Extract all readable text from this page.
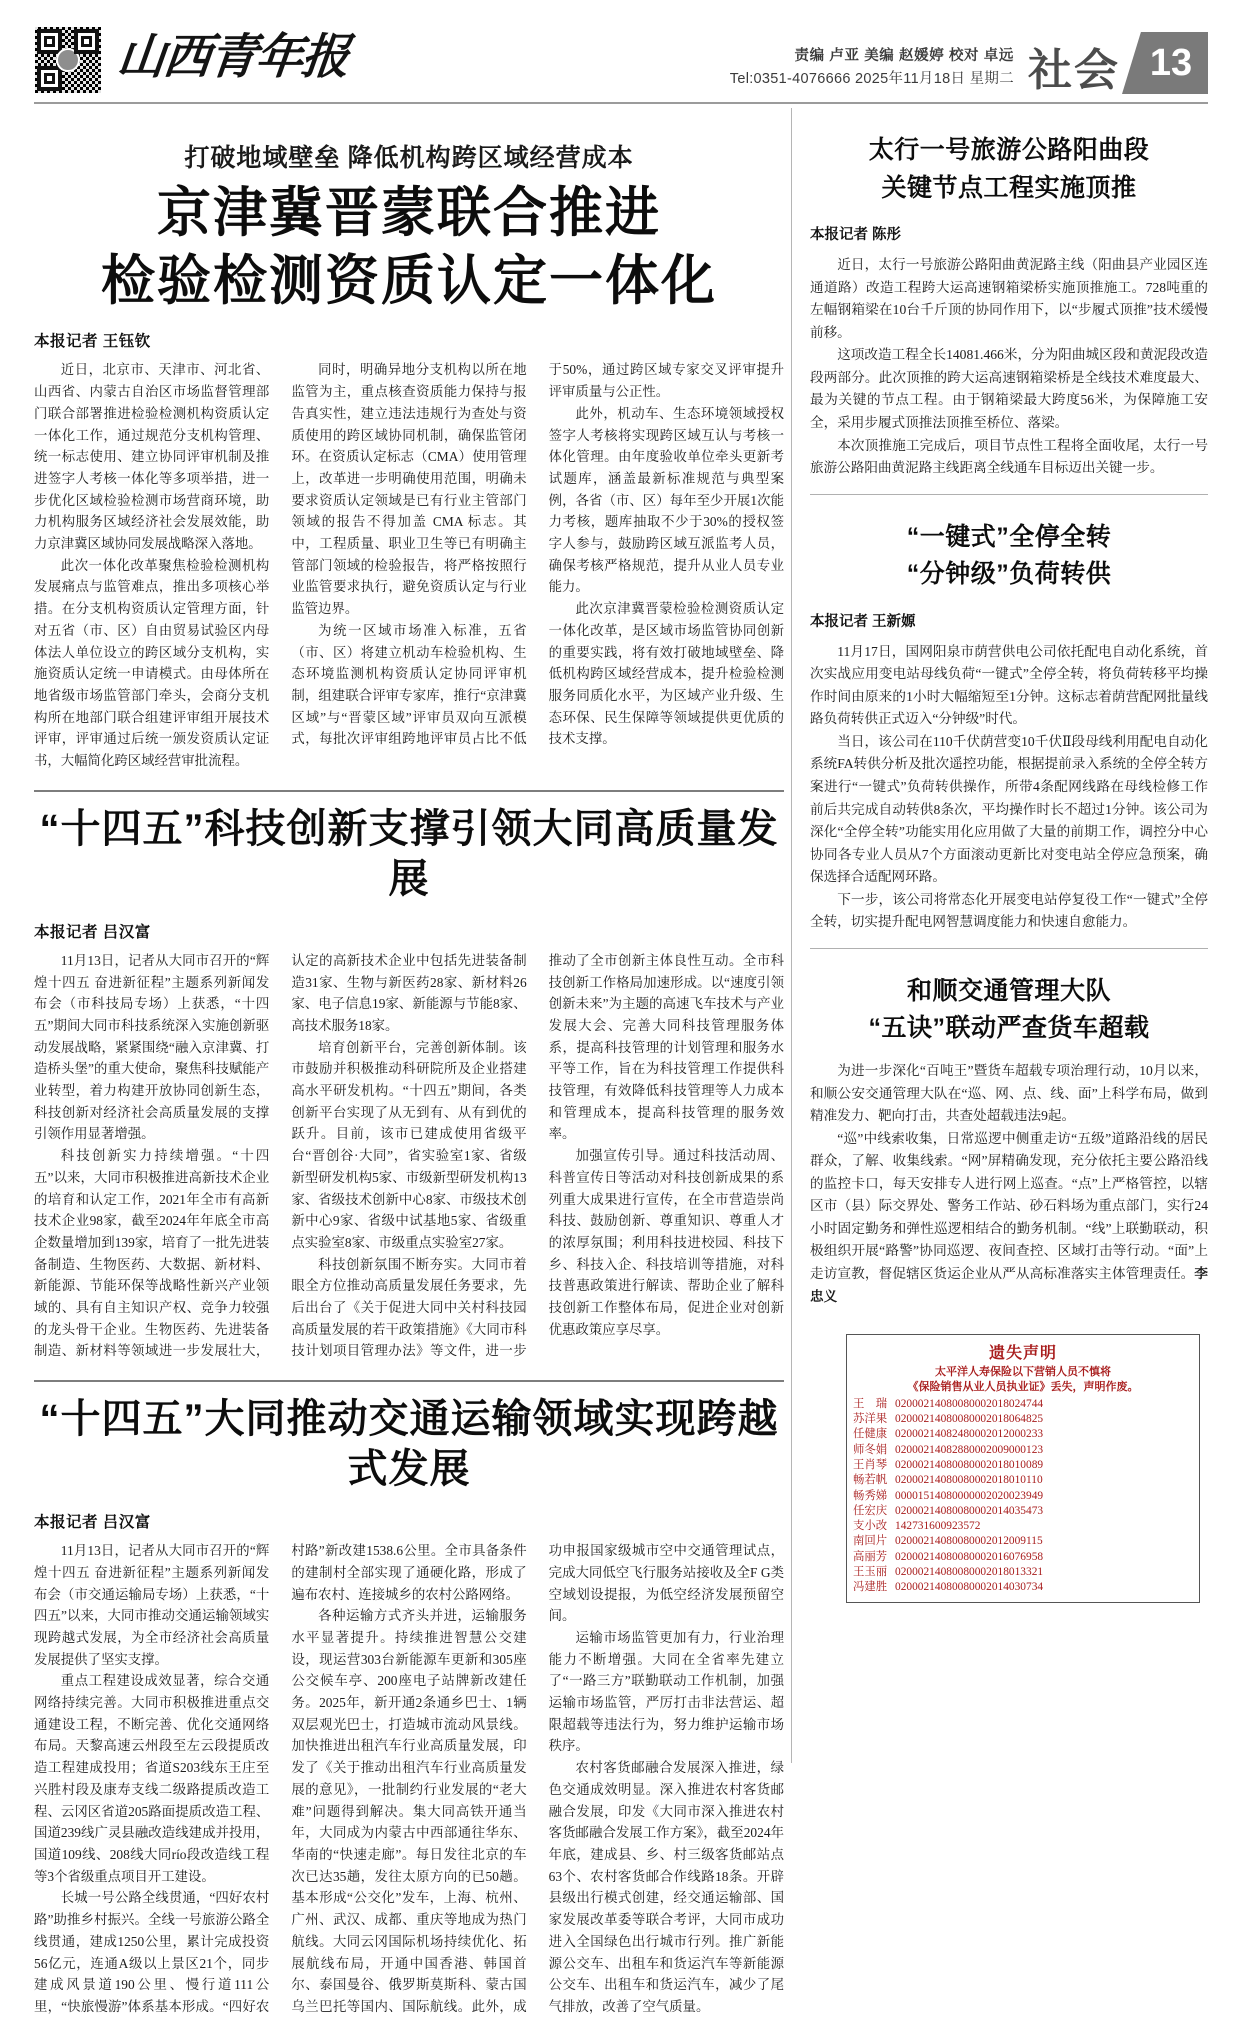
山西青年报	责编 卢亚 美编 赵媛婷 校对 卓远
Tel:0351-4076666 2025年11月18日 星期二 社会 13
打破地域壁垒 降低机构跨区域经营成本
京津冀晋蒙联合推进
检验检测资质认定一体化
本报记者 王钰钦

近日，北京市、天津市、河北省、山西省、内蒙古自治区市场监督管理部门联合部署推进检验检测机构资质认定一体化工作，通过规范分支机构管理、统一标志使用、建立协同评审机制及推进签字人考核一体化等多项举措，进一步优化区域检验检测市场营商环境，助力机构服务区域经济社会发展效能，助力京津冀区域协同发展战略深入落地。

此次一体化改革聚焦检验检测机构发展痛点与监管难点，推出多项核心举措。在分支机构资质认定管理方面，针对五省（市、区）自由贸易试验区内母体法人单位设立的跨区域分支机构，实施资质认定统一申请模式。由母体所在地省级市场监管部门牵头，会商分支机构所在地部门联合组建评审组开展技术评审，评审通过后统一颁发资质认定证书，大幅简化跨区域经营审批流程。

同时，明确异地分支机构以所在地监管为主，重点核查资质能力保持与报告真实性，建立违法违规行为查处与资质使用的跨区域协同机制，确保监管闭环。在资质认定标志（CMA）使用管理上，改革进一步明确使用范围，明确未要求资质认定领域是已有行业主管部门领域的报告不得加盖 CMA 标志。其中，工程质量、职业卫生等已有明确主管部门领域的检验报告，将严格按照行业监管要求执行，避免资质认定与行业监管边界。

为统一区域市场准入标准，五省（市、区）将建立机动车检验机构、生态环境监测机构资质认定协同评审机制，组建联合评审专家库，推行“京津冀区域”与“晋蒙区域”评审员双向互派模式，每批次评审组跨地评审员占比不低于50%，通过跨区域专家交叉评审提升评审质量与公正性。

此外，机动车、生态环境领域授权签字人考核将实现跨区域互认与考核一体化管理。由年度验收单位牵头更新考试题库，涵盖最新标准规范与典型案例，各省（市、区）每年至少开展1次能力考核，题库抽取不少于30%的授权签字人参与，鼓励跨区域互派监考人员，确保考核严格规范，提升从业人员专业能力。

此次京津冀晋蒙检验检测资质认定一体化改革，是区域市场监管协同创新的重要实践，将有效打破地域壁垒、降低机构跨区域经营成本，提升检验检测服务同质化水平，为区域产业升级、生态环保、民生保障等领域提供更优质的技术支撑。

“十四五”科技创新支撑引领大同高质量发展
本报记者 吕汉富

11月13日，记者从大同市召开的“辉煌十四五 奋进新征程”主题系列新闻发布会（市科技局专场）上获悉，“十四五”期间大同市科技系统深入实施创新驱动发展战略，紧紧围绕“融入京津冀、打造桥头堡”的重大使命，聚焦科技赋能产业转型，着力构建开放协同创新生态，科技创新对经济社会高质量发展的支撑引领作用显著增强。

科技创新实力持续增强。“十四五”以来，大同市积极推进高新技术企业的培育和认定工作，2021年全市有高新技术企业98家，截至2024年年底全市高企数量增加到139家，培育了一批先进装备制造、生物医药、大数据、新材料、新能源、节能环保等战略性新兴产业领域的、具有自主知识产权、竞争力较强的龙头骨干企业。生物医药、先进装备制造、新材料等领域进一步发展壮大，认定的高新技术企业中包括先进装备制造31家、生物与新医药28家、新材料26家、电子信息19家、新能源与节能8家、高技术服务18家。

培育创新平台，完善创新体制。该市鼓励并积极推动科研院所及企业搭建高水平研发机构。“十四五”期间，各类创新平台实现了从无到有、从有到优的跃升。目前，该市已建成使用省级平台“晋创谷·大同”，省实验室1家、省级新型研发机构5家、市级新型研发机构13家、省级技术创新中心8家、市级技术创新中心9家、省级中试基地5家、省级重点实验室8家、市级重点实验室27家。

科技创新氛围不断夯实。大同市着眼全方位推动高质量发展任务要求，先后出台了《关于促进大同中关村科技园高质量发展的若干政策措施》《大同市科技计划项目管理办法》等文件，进一步推动了全市创新主体良性互动。全市科技创新工作格局加速形成。以“速度引领 创新未来”为主题的高速飞车技术与产业发展大会、完善大同科技管理服务体系，提高科技管理的计划管理和服务水平等工作，旨在为科技管理工作提供科技管理，有效降低科技管理等人力成本和管理成本，提高科技管理的服务效率。

加强宣传引导。通过科技活动周、科普宣传日等活动对科技创新成果的系列重大成果进行宣传，在全市营造崇尚科技、鼓励创新、尊重知识、尊重人才的浓厚氛围；利用科技进校园、科技下乡、科技入企、科技培训等措施，对科技普惠政策进行解读、帮助企业了解科技创新工作整体布局，促进企业对创新优惠政策应享尽享。

“十四五”大同推动交通运输领域实现跨越式发展
本报记者 吕汉富

11月13日，记者从大同市召开的“辉煌十四五 奋进新征程”主题系列新闻发布会（市交通运输局专场）上获悉，“十四五”以来，大同市推动交通运输领域实现跨越式发展，为全市经济社会高质量发展提供了坚实支撑。

重点工程建设成效显著，综合交通网络持续完善。大同市积极推进重点交通建设工程，不断完善、优化交通网络布局。天黎高速云州段至左云段提质改造工程建成投用；省道S203线东王庄至兴胜村段及康寿支线二级路提质改造工程、云冈区省道205路面提质改造工程、国道239线广灵县融改造线建成并投用，国道109线、208线大同río段改造线工程等3个省级重点项目开工建设。

长城一号公路全线贯通，“四好农村路”助推乡村振兴。全线一号旅游公路全线贯通，建成1250公里，累计完成投资56亿元，连通A级以上景区21个，同步建成风景道190公里、慢行道111公里，“快旅慢游”体系基本形成。“四好农村路”新改建1538.6公里。全市具备条件的建制村全部实现了通硬化路，形成了遍布农村、连接城乡的农村公路网络。

各种运输方式齐头并进，运输服务水平显著提升。持续推进智慧公交建设，现运营303台新能源车更新和305座公交候车亭、200座电子站牌新改建任务。2025年，新开通2条通乡巴士、1辆双层观光巴士，打造城市流动风景线。加快推进出租汽车行业高质量发展，印发了《关于推动出租汽车行业高质量发展的意见》，一批制约行业发展的“老大难”问题得到解决。集大同高铁开通当年，大同成为内蒙古中西部通往华东、华南的“快速走廊”。每日发往北京的车次已达35趟，发往太原方向的已50趟。基本形成“公交化”发车，上海、杭州、广州、武汉、成都、重庆等地成为热门航线。大同云冈国际机场持续优化、拓展航线布局，开通中国香港、韩国首尔、泰国曼谷、俄罗斯莫斯科、蒙古国乌兰巴托等国内、国际航线。此外，成功申报国家级城市空中交通管理试点，完成大同低空飞行服务站接收及全F G类空域划设提报，为低空经济发展预留空间。

运输市场监管更加有力，行业治理能力不断增强。大同在全省率先建立了“一路三方”联勤联动工作机制，加强运输市场监管，严厉打击非法营运、超限超载等违法行为，努力维护运输市场秩序。

农村客货邮融合发展深入推进，绿色交通成效明显。深入推进农村客货邮融合发展，印发《大同市深入推进农村客货邮融合发展工作方案》，截至2024年年底，建成县、乡、村三级客货邮站点63个、农村客货邮合作线路18条。开辟县级出行模式创建，经交通运输部、国家发展改革委等联合考评，大同市成功进入全国绿色出行城市行列。推广新能源公交车、出租车和货运汽车等新能源公交车、出租车和货运汽车，减少了尾气排放，改善了空气质量。

太行一号旅游公路阳曲段
关键节点工程实施顶推
本报记者 陈彤

近日，太行一号旅游公路阳曲黄泥路主线（阳曲县产业园区连通道路）改造工程跨大运高速钢箱梁桥实施顶推施工。728吨重的左幅钢箱梁在10台千斤顶的协同作用下，以“步履式顶推”技术缓慢前移。

这项改造工程全长14081.466米，分为阳曲城区段和黄泥段改造段两部分。此次顶推的跨大运高速钢箱梁桥是全线技术难度最大、最为关键的节点工程。由于钢箱梁最大跨度56米，为保障施工安全，采用步履式顶推法顶推至桥位、落梁。

本次顶推施工完成后，项目节点性工程将全面收尾，太行一号旅游公路阳曲黄泥路主线距离全线通车目标迈出关键一步。

“一键式”全停全转
“分钟级”负荷转供
本报记者 王新嫄

11月17日，国网阳泉市荫营供电公司依托配电自动化系统，首次实战应用变电站母线负荷“一键式”全停全转，将负荷转移平均操作时间由原来的1小时大幅缩短至1分钟。这标志着荫营配网批量线路负荷转供正式迈入“分钟级”时代。

当日，该公司在110千伏荫营变10千伏Ⅱ段母线利用配电自动化系统FA转供分析及批次遥控功能，根据提前录入系统的全停全转方案进行“一键式”负荷转供操作，所带4条配网线路在母线检修工作前后共完成自动转供8条次，平均操作时长不超过1分钟。该公司为深化“全停全转”功能实用化应用做了大量的前期工作，调控分中心协同各专业人员从7个方面滚动更新比对变电站全停应急预案，确保选择合适配网环路。

下一步，该公司将常态化开展变电站停复役工作“一键式”全停全转，切实提升配电网智慧调度能力和快速自愈能力。

和顺交通管理大队
“五诀”联动严查货车超载

为进一步深化“百吨王”暨货车超载专项治理行动，10月以来，和顺公安交通管理大队在“巡、网、点、线、面”上科学布局，做到精准发力、靶向打击，共查处超载违法9起。

“巡”中线索收集，日常巡逻中侧重走访“五级”道路沿线的居民群众，了解、收集线索。“网”屏精确发现，充分依托主要公路沿线的监控卡口，每天安排专人进行网上巡查。“点”上严格管控，以辖区市（县）际交界处、警务工作站、砂石料场为重点部门，实行24小时固定勤务和弹性巡逻相结合的勤务机制。“线”上联勤联动，积极组织开展“路警”协同巡逻、夜间查控、区域打击等行动。“面”上走访宣教，督促辖区货运企业从严从高标准落实主体管理责任。李忠义

遗失声明
太平洋人寿保险以下营销人员不慎将
《保险销售从业人员执业证》丢失，声明作废。
王　瑞 02000214080080002018024744
苏洋果 02000214080080002018064825
任健康 02000214082480002012000233
师冬娟 02000214082880002009000123
王肖琴 02000214080080002018010089
畅若帆 02000214080080002018010110
畅秀娣 00001514080000002020023949
任宏庆 02000214080080002014035473
支小改 142731600923572
南回片 02000214080080002012009115
高丽芳 02000214080080002016076958
王玉丽 02000214080080002018013321
冯建胜 02000214080080002014030734
